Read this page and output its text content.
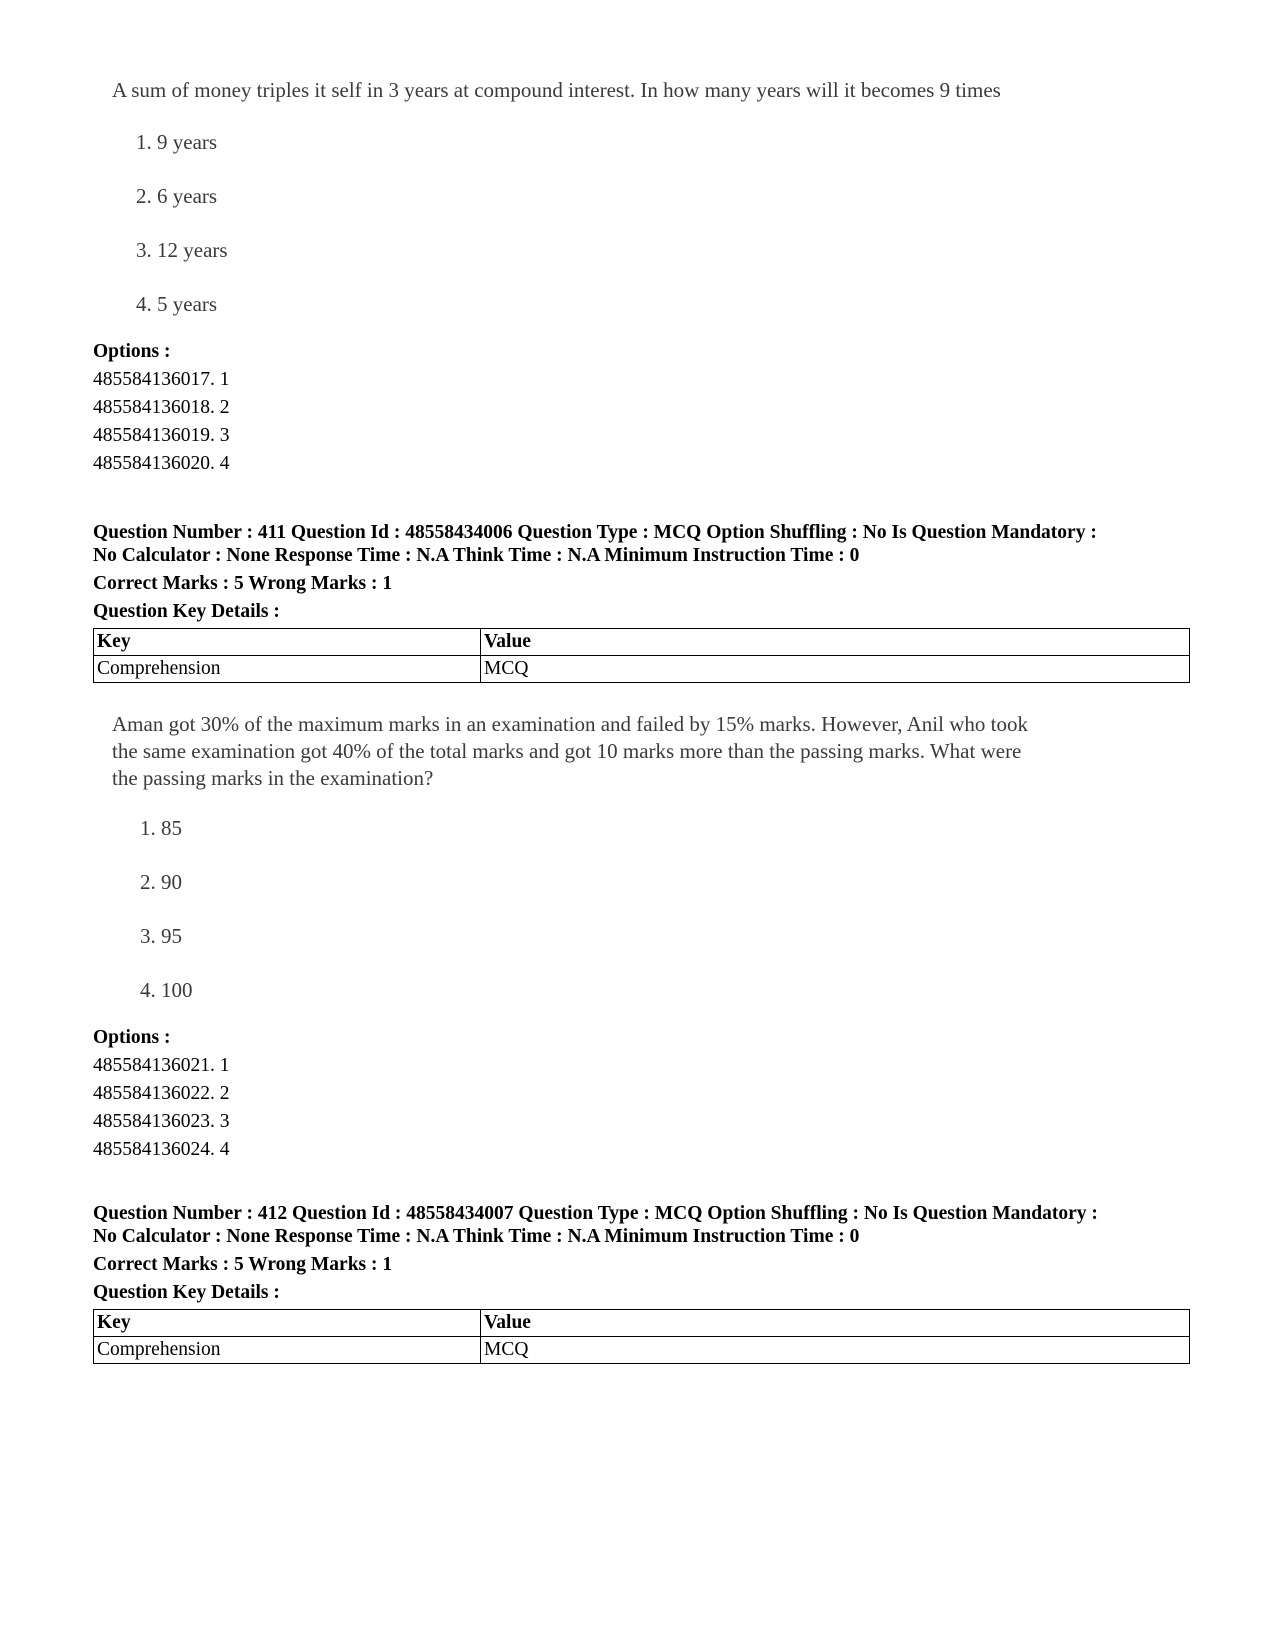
A sum of money triples it self in 3 years at compound interest. In how many years will it becomes 9 times
1. 9 years
2. 6 years
3. 12 years
4. 5 years
Options :
485584136017. 1
485584136018. 2
485584136019. 3
485584136020. 4
Question Number : 411 Question Id : 48558434006 Question Type : MCQ Option Shuffling : No Is Question Mandatory :
No Calculator : None Response Time : N.A Think Time : N.A Minimum Instruction Time : 0
Correct Marks : 5 Wrong Marks : 1
Question Key Details :
Key	Value
Comprehension	MCQ
Aman got 30% of the maximum marks in an examination and failed by 15% marks. However, Anil who took
the same examination got 40% of the total marks and got 10 marks more than the passing marks. What were
the passing marks in the examination?
1. 85
2. 90
3. 95
4. 100
Options :
485584136021. 1
485584136022. 2
485584136023. 3
485584136024. 4
Question Number : 412 Question Id : 48558434007 Question Type : MCQ Option Shuffling : No Is Question Mandatory :
No Calculator : None Response Time : N.A Think Time : N.A Minimum Instruction Time : 0
Correct Marks : 5 Wrong Marks : 1
Question Key Details :
Key	Value
Comprehension	MCQ
